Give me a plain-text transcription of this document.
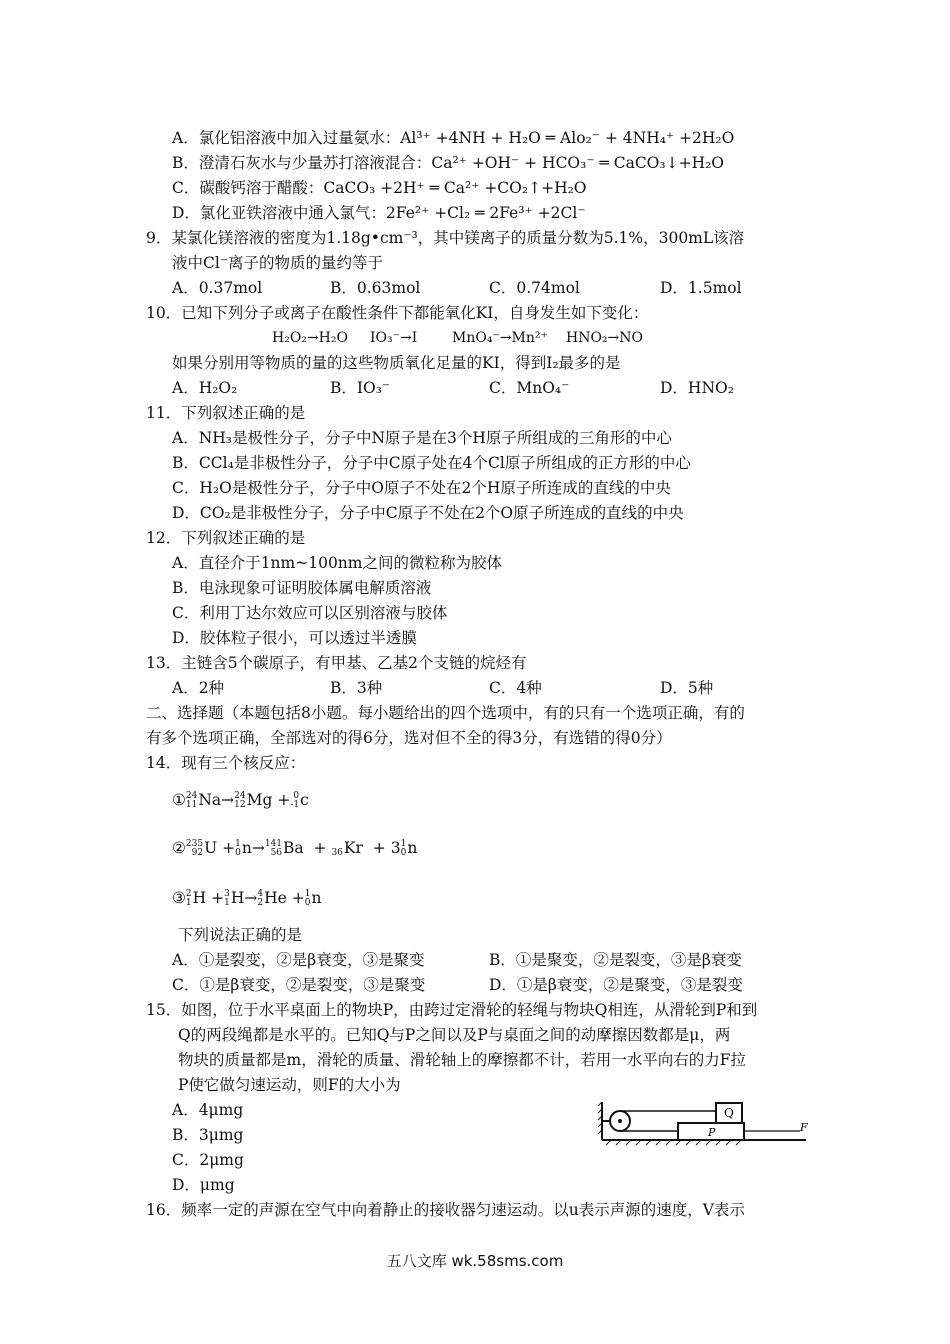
A．氯化铝溶液中加入过量氨水：Al³⁺ +4NH + H₂O ═ Alo₂⁻ + 4NH₄⁺ +2H₂O
B．澄清石灰水与少量苏打溶液混合：Ca²⁺ +OH⁻ + HCO₃⁻ ═ CaCO₃↓+H₂O
C．碳酸钙溶于醋酸：CaCO₃ +2H⁺ ═ Ca²⁺ +CO₂↑+H₂O
D．氯化亚铁溶液中通入氯气：2Fe²⁺ +Cl₂ ═ 2Fe³⁺ +2Cl⁻
9．某氯化镁溶液的密度为1.18g•cm⁻³，其中镁离子的质量分数为5.1%，300mL该溶
液中Cl⁻离子的物质的量约等于
A．0.37mol	B．0.63mol	C．0.74mol	D．1.5mol
10．已知下列分子或离子在酸性条件下都能氧化KI，自身发生如下变化：
H₂O₂→H₂O IO₃⁻→I MnO₄⁻→Mn²⁺ HNO₂→NO
如果分别用等物质的量的这些物质氧化足量的KI，得到I₂最多的是
A．H₂O₂	B．IO₃⁻	C．MnO₄⁻	D．HNO₂
11．下列叙述正确的是
A．NH₃是极性分子，分子中N原子是在3个H原子所组成的三角形的中心
B．CCl₄是非极性分子，分子中C原子处在4个Cl原子所组成的正方形的中心
C．H₂O是极性分子，分子中O原子不处在2个H原子所连成的直线的中央
D．CO₂是非极性分子，分子中C原子不处在2个O原子所连成的直线的中央
12．下列叙述正确的是
A．直径介于1nm~100nm之间的微粒称为胶体
B．电泳现象可证明胶体属电解质溶液
C．利用丁达尔效应可以区别溶液与胶体
D．胶体粒子很小，可以透过半透膜
13．主链含5个碳原子，有甲基、乙基2个支链的烷烃有
A．2种	B．3种	C．4种	D．5种
二、选择题（本题包括8小题。每小题给出的四个选项中，有的只有一个选项正确，有的
有多个选项正确，全部选对的得6分，选对但不全的得3分，有选错的得0分）
14．现有三个核反应：
① 24
11 Na→ 24
12 Mg + 0
-1 c
② 235
92 U + 1
0 n→ 141
56 Ba +
36 Kr + 3 1
0 n
③ 2
1 H + 3
1 H→ 4
2 He + 1
0 n
下列说法正确的是
A．①是裂变，②是β衰变，③是聚变	B．①是聚变，②是裂变，③是β衰变
C．①是β衰变，②是裂变，③是聚变	D．①是β衰变，②是聚变，③是裂变
15．如图，位于水平桌面上的物块P，由跨过定滑轮的轻绳与物块Q相连，从滑轮到P和到
Q的两段绳都是水平的。已知Q与P之间以及P与桌面之间的动摩擦因数都是μ，两
物块的质量都是m，滑轮的质量、滑轮轴上的摩擦都不计，若用一水平向右的力F拉
P使它做匀速运动，则F的大小为
A．4μmg
B．3μmg
C．2μmg
D．μmg
P
Q
F
16．频率一定的声源在空气中向着静止的接收器匀速运动。以u表示声源的速度，V表示
五八文库 wk.58sms.com
